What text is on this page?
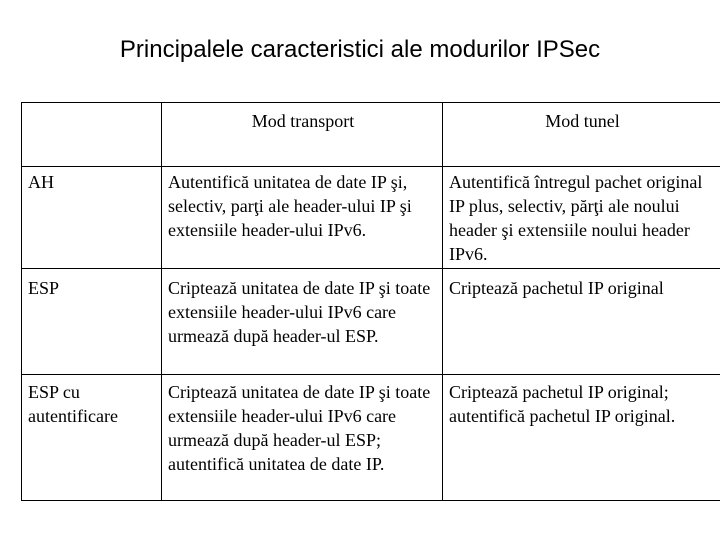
Principalele caracteristici ale modurilor IPSec
	Mod transport	Mod tunel
AH	Autentifică unitatea de date IP şi, selectiv, parţi ale header-ului IP şi extensiile header-ului IPv6.	Autentifică întregul pachet original IP plus, selectiv, părţi ale noului header şi extensiile noului header IPv6.
ESP	Criptează unitatea de date IP şi toate extensiile header-ului IPv6 care urmează după header-ul ESP.	Criptează pachetul IP original
ESP cu autentificare	Criptează unitatea de date IP şi toate extensiile header-ului IPv6 care urmează după header-ul ESP; autentifică unitatea de date IP.	Criptează pachetul IP original; autentifică pachetul IP original.
